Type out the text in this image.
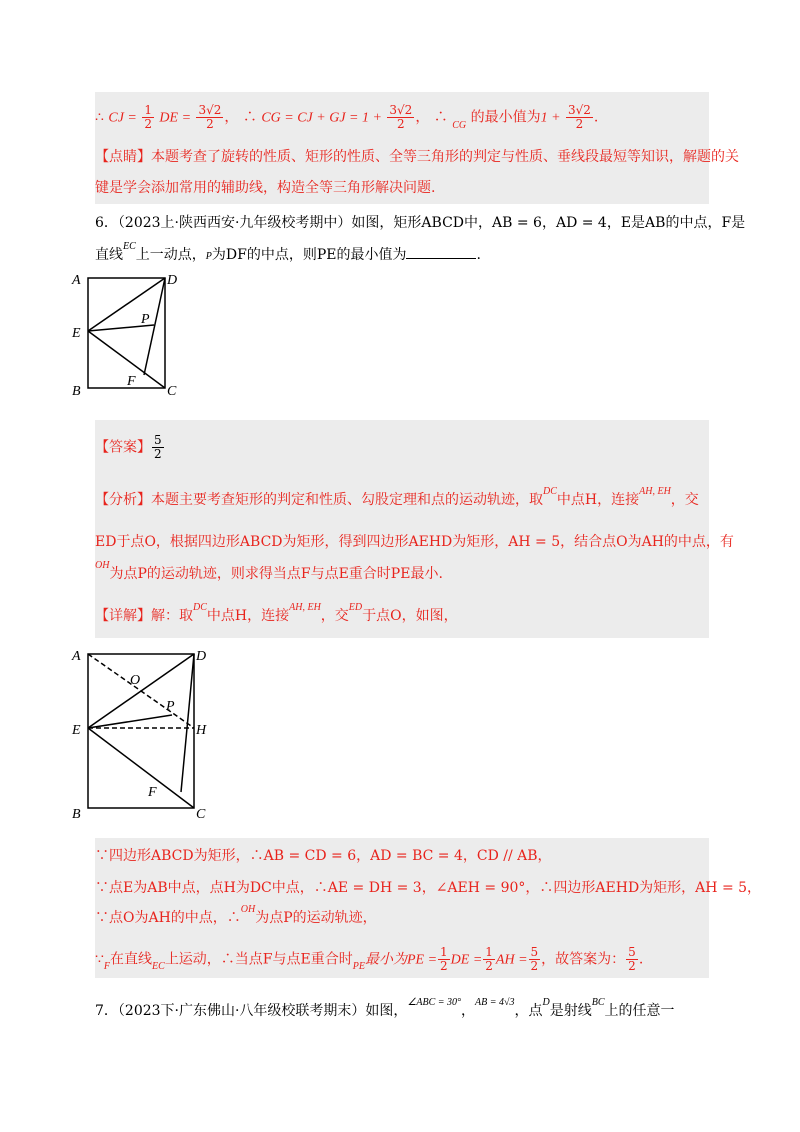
∴ CJ = $\frac{1}{2}$ DE = $\frac{3√2}{2}$ ， ∴ CG = CJ + GJ = $1 + \frac{3√2}{2}$ ， ∴ $_{CG}$ 的最小值为$1 + \frac{3√2}{2}$ .
【点睛】本题考查了旋转的性质、矩形的性质、全等三角形的判定与性质、垂线段最短等知识，解题的关
键是学会添加常用的辅助线，构造全等三角形解决问题.
6．（2023上·陕西西安·九年级校考期中）如图，矩形ABCD中，AB = 6，AD = 4，E是AB的中点，F是
直线$^{EC}$上一动点，P为DF的中点，则PE的最小值为	.
A	D
E
P
F
B	C
【答案】 $\frac{5}{2}$
【分析】本题主要考查矩形的判定和性质、勾股定理和点的运动轨迹，取$^{DC}$中点H，连接$^{AH, EH}$，交
ED于点O，根据四边形ABCD为矩形，得到四边形AEHD为矩形，AH = 5，结合点O为AH的中点，有
$^{OH}$为点P的运动轨迹，则求得当点F与点E重合时PE最小.
【详解】解：取$^{DC}$中点H，连接$^{AH, EH}$，交$^{ED}$于点O，如图，
A	D
O
P
E	H
F
B	C
∵四边形ABCD为矩形，∴AB = CD = 6，AD = BC = 4，CD // AB，
∵点E为AB中点，点H为DC中点，∴AE = DH = 3，∠AEH = 90°，∴四边形AEHD为矩形，AH = 5，
∵点O为AH的中点，∴$^{OH}$为点P的运动轨迹，
$\because_F$在直线$_{EC}$上运动，∴当点F与点E重合时$_{PE}$最小为PE = $\frac{1}{2}$ DE = $\frac{1}{2}$ AH = $\frac{5}{2}$ ，故答案为： $\frac{5}{2}$ .
7．（2023下·广东佛山·八年级校联考期末）如图，$^{\angle ABC = 30^\circ}$，$^{AB = 4√3}$，点$^D$是射线$^{BC}$上的任意一
